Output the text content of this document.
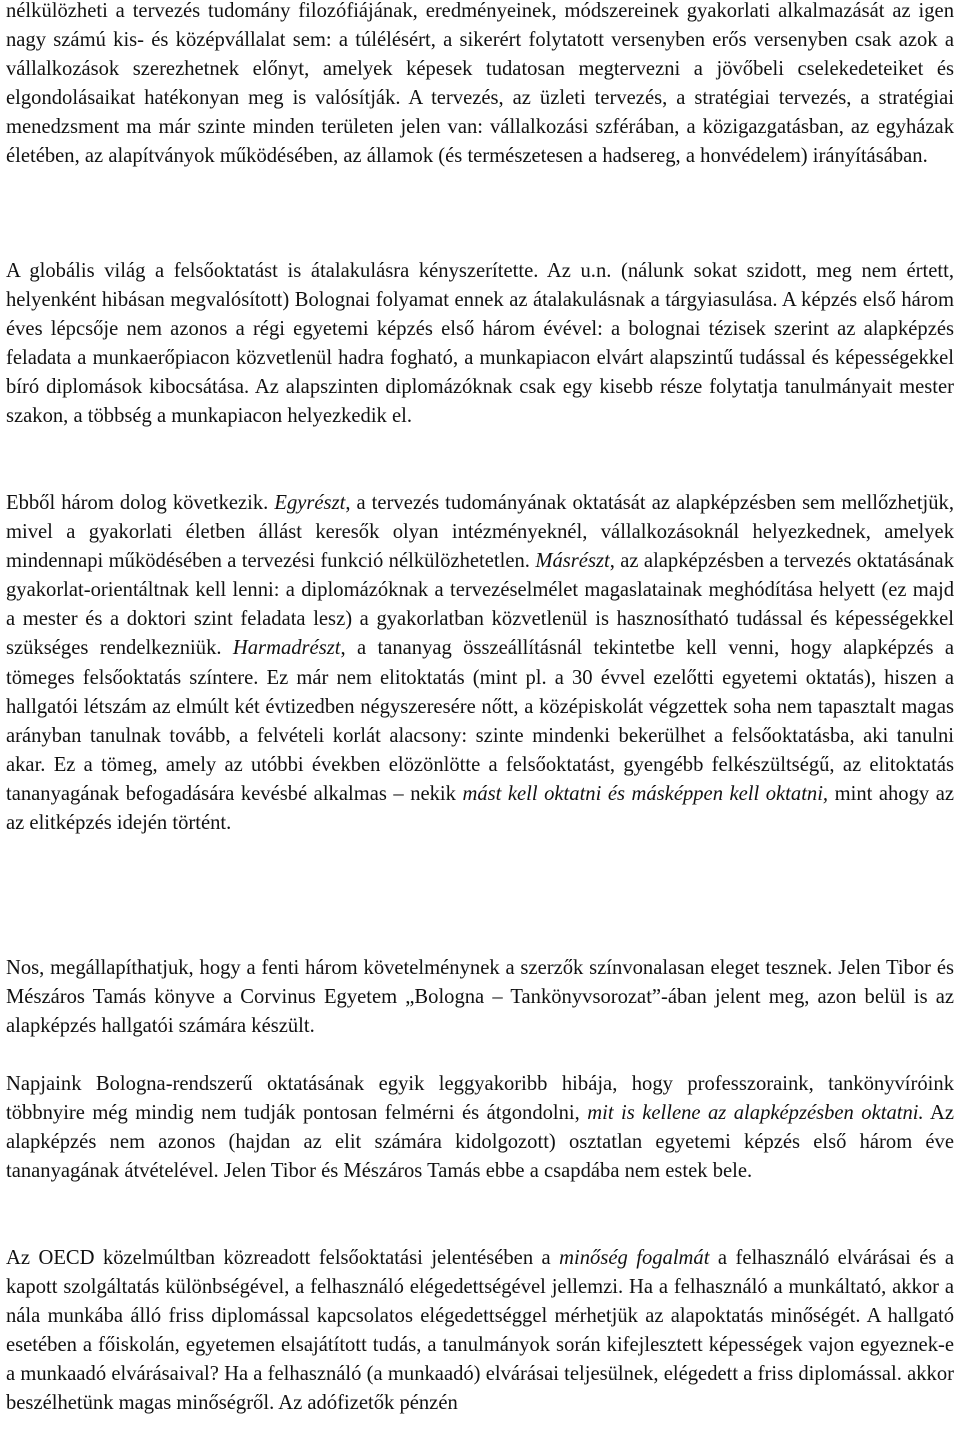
nélkülözheti a tervezés tudomány filozófiájának, eredményeinek, módszereinek gyakorlati alkalmazását az igen nagy számú kis- és középvállalat sem: a túlélésért, a sikerért folytatott versenyben erős versenyben csak azok a vállalkozások szerezhetnek előnyt, amelyek képesek tudatosan megtervezni a jövőbeli cselekedeteiket és elgondolásaikat hatékonyan meg is valósítják. A tervezés, az üzleti tervezés, a stratégiai tervezés, a stratégiai menedzsment ma már szinte minden területen jelen van: vállalkozási szférában, a közigazgatásban, az egyházak életében, az alapítványok működésében, az államok (és természetesen a hadsereg, a honvédelem) irányításában.

A globális világ a felsőoktatást is átalakulásra kényszerítette. Az u.n. (nálunk sokat szidott, meg nem értett, helyenként hibásan megvalósított) Bolognai folyamat ennek az átalakulásnak a tárgyiasulása. A képzés első három éves lépcsője nem azonos a régi egyetemi képzés első három évével: a bolognai tézisek szerint az alapképzés feladata a munkaerőpiacon közvetlenül hadra fogható, a munkapiacon elvárt alapszintű tudással és képességekkel bíró diplomások kibocsátása. Az alapszinten diplomázóknak csak egy kisebb része folytatja tanulmányait mester szakon, a többség a munkapiacon helyezkedik el.

Ebből három dolog következik. Egyrészt, a tervezés tudományának oktatását az alapképzésben sem mellőzhetjük, mivel a gyakorlati életben állást keresők olyan intézményeknél, vállalkozásoknál helyezkednek, amelyek mindennapi működésében a tervezési funkció nélkülözhetetlen. Másrészt, az alapképzésben a tervezés oktatásának gyakorlat-orientáltnak kell lenni: a diplomázóknak a tervezéselmélet magaslatainak meghódítása helyett (ez majd a mester és a doktori szint feladata lesz) a gyakorlatban közvetlenül is hasznosítható tudással és képességekkel szükséges rendelkezniük. Harmadrészt, a tananyag összeállításnál tekintetbe kell venni, hogy alapképzés a tömeges felsőoktatás színtere. Ez már nem elitoktatás (mint pl. a 30 évvel ezelőtti egyetemi oktatás), hiszen a hallgatói létszám az elmúlt két évtizedben négyszeresére nőtt, a középiskolát végzettek soha nem tapasztalt magas arányban tanulnak tovább, a felvételi korlát alacsony: szinte mindenki bekerülhet a felsőoktatásba, aki tanulni akar. Ez a tömeg, amely az utóbbi években elözönlötte a felsőoktatást, gyengébb felkészültségű, az elitoktatás tananyagának befogadására kevésbé alkalmas – nekik mást kell oktatni és másképpen kell oktatni, mint ahogy az az elitképzés idején történt.

Nos, megállapíthatjuk, hogy a fenti három követelménynek a szerzők színvonalasan eleget tesznek. Jelen Tibor és Mészáros Tamás könyve a Corvinus Egyetem „Bologna – Tankönyvsorozat”-ában jelent meg, azon belül is az alapképzés hallgatói számára készült.

Napjaink Bologna-rendszerű oktatásának egyik leggyakoribb hibája, hogy professzoraink, tankönyvíróink többnyire még mindig nem tudják pontosan felmérni és átgondolni, mit is kellene az alapképzésben oktatni. Az alapképzés nem azonos (hajdan az elit számára kidolgozott) osztatlan egyetemi képzés első három éve tananyagának átvételével. Jelen Tibor és Mészáros Tamás ebbe a csapdába nem estek bele.

Az OECD közelmúltban közreadott felsőoktatási jelentésében a minőség fogalmát a felhasználó elvárásai és a kapott szolgáltatás különbségével, a felhasználó elégedettségével jellemzi. Ha a felhasználó a munkáltató, akkor a nála munkába álló friss diplomással kapcsolatos elégedettséggel mérhetjük az alapoktatás minőségét. A hallgató esetében a főiskolán, egyetemen elsajátított tudás, a tanulmányok során kifejlesztett képességek vajon egyeznek-e a munkaadó elvárásaival? Ha a felhasználó (a munkaadó) elvárásai teljesülnek, elégedett a friss diplomással. akkor beszélhetünk magas minőségről. Az adófizetők pénzén
